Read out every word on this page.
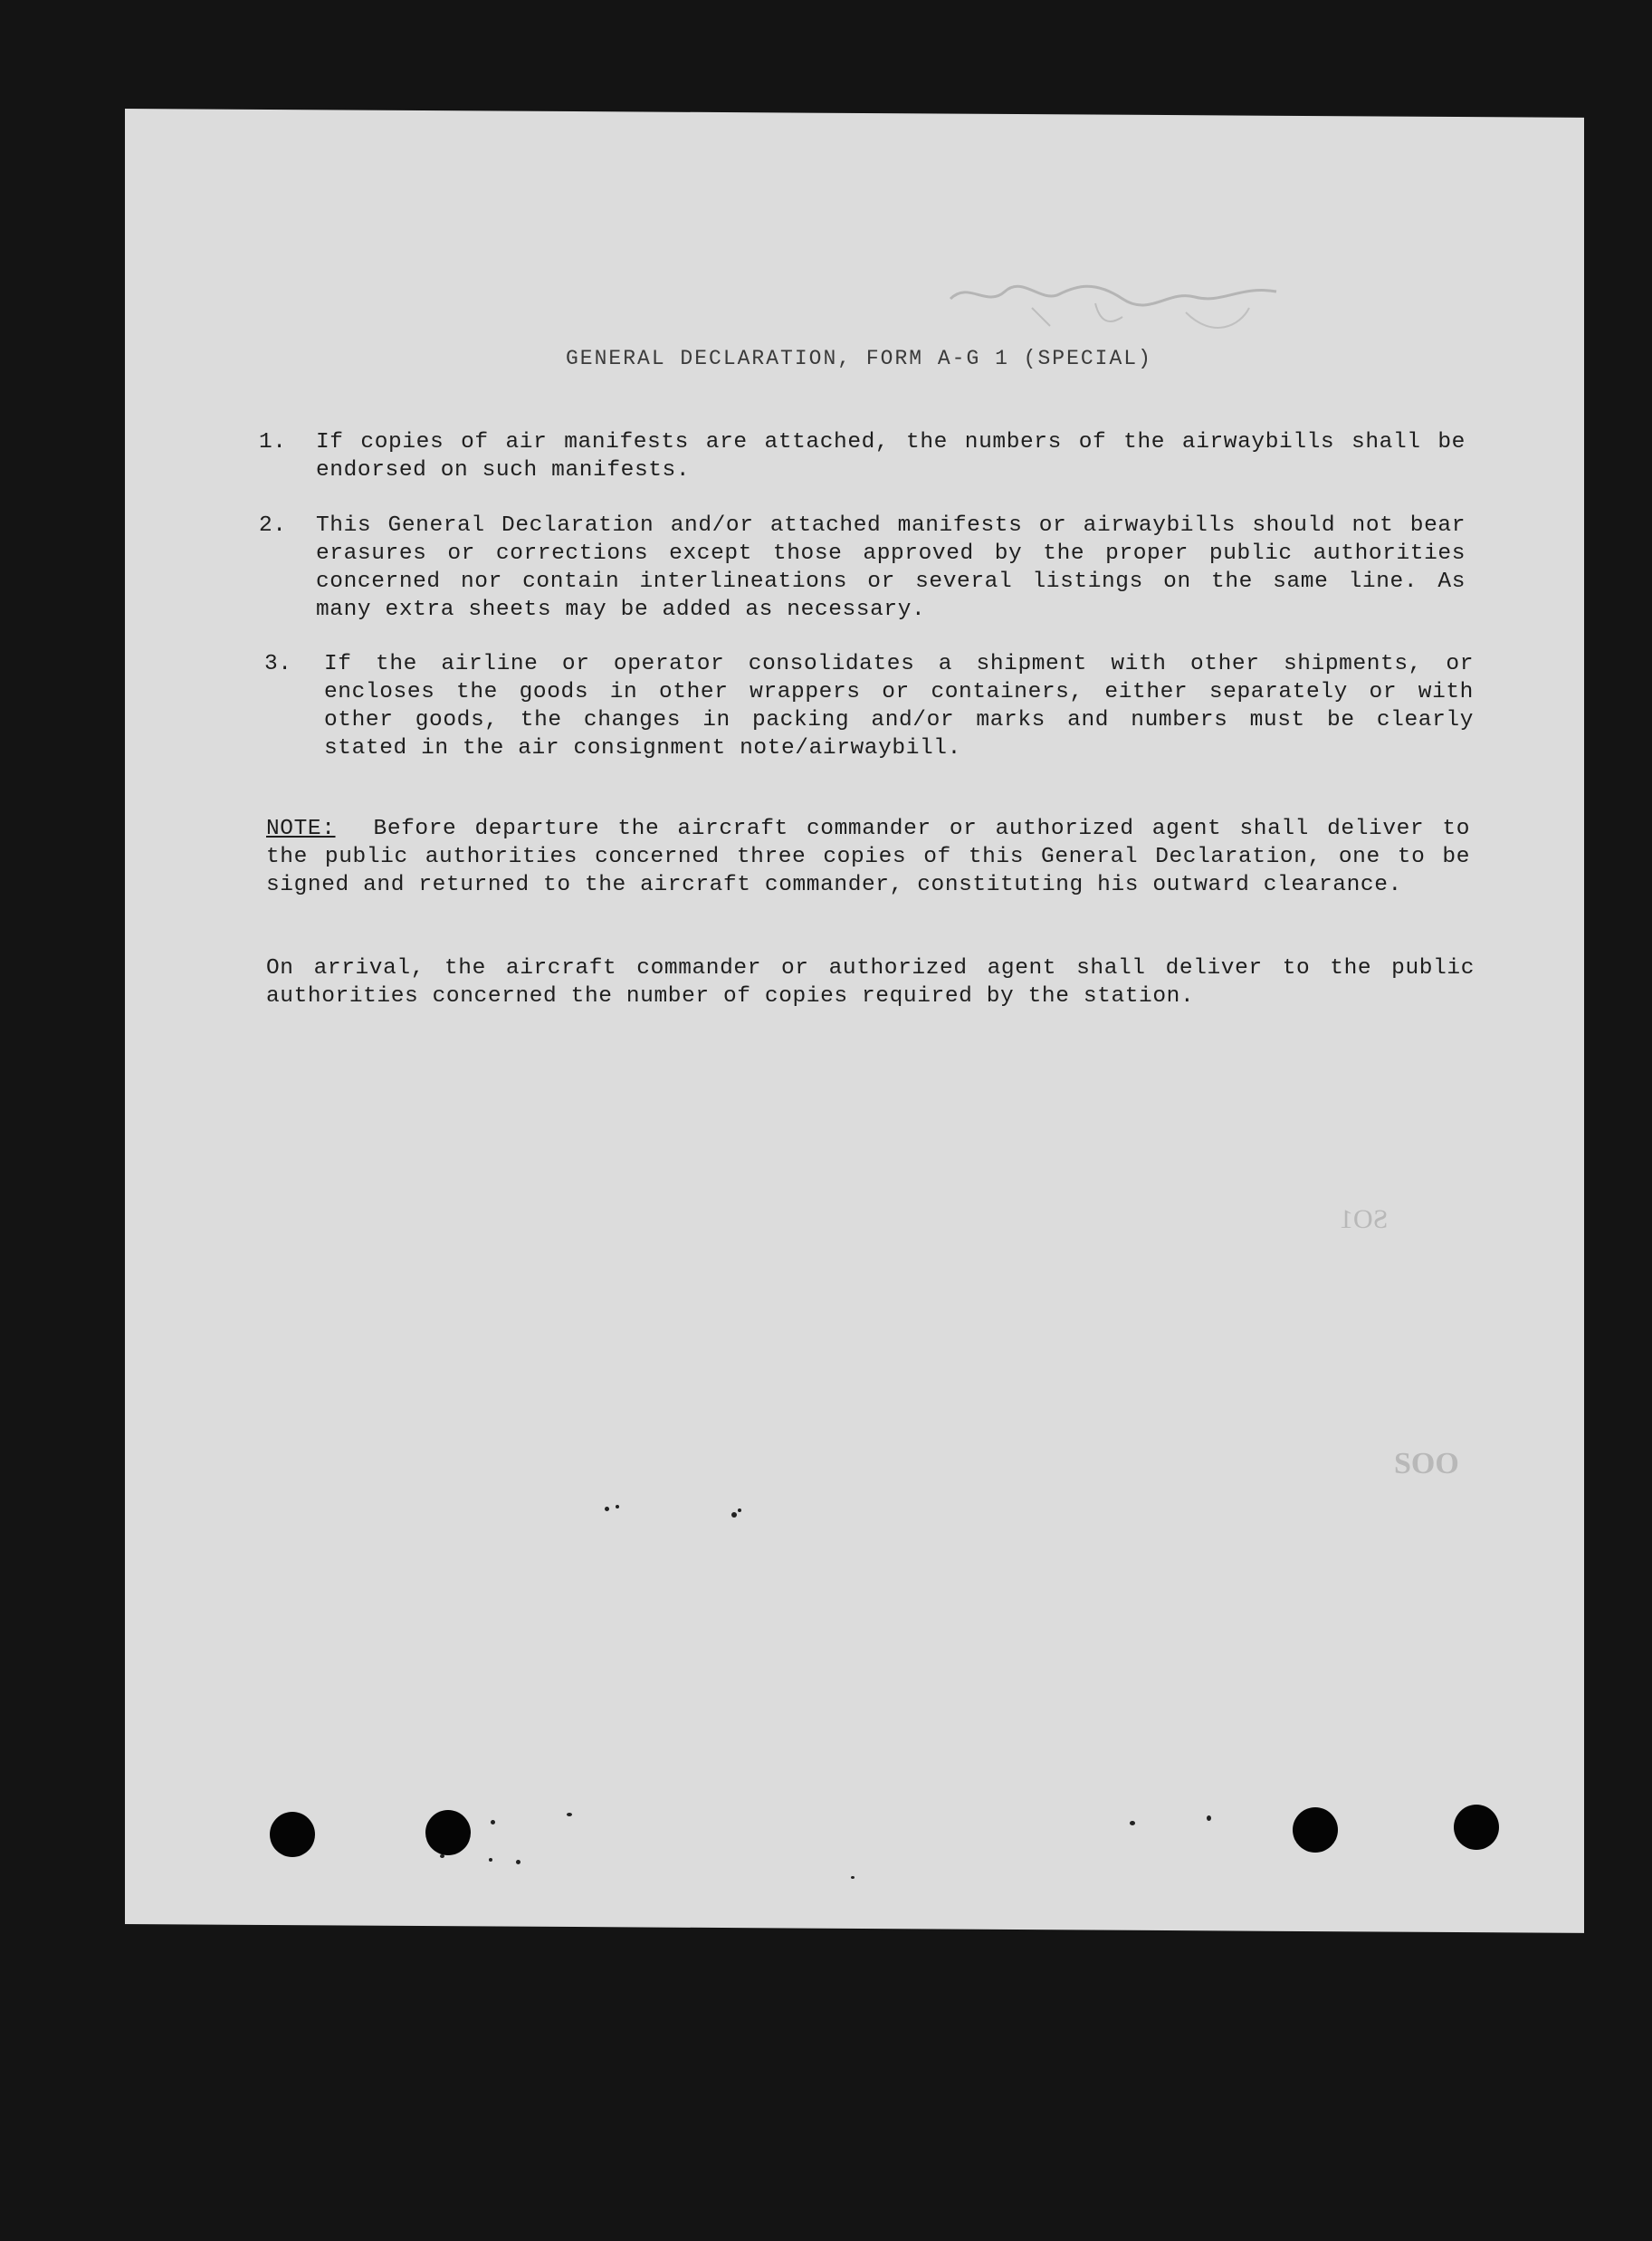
GENERAL DECLARATION, FORM A-G 1 (SPECIAL)
1. If copies of air manifests are attached, the numbers of the airwaybills shall be endorsed on such manifests.
2. This General Declaration and/or attached manifests or airwaybills should not bear erasures or corrections except those approved by the proper public authorities concerned nor contain interlineations or several listings on the same line. As many extra sheets may be added as necessary.
3. If the airline or operator consolidates a shipment with other shipments, or encloses the goods in other wrappers or containers, either separately or with other goods, the changes in packing and/or marks and numbers must be clearly stated in the air consignment note/airwaybill.
NOTE: Before departure the aircraft commander or authorized agent shall deliver to the public authorities concerned three copies of this General Declaration, one to be signed and returned to the aircraft commander, constituting his outward clearance.
On arrival, the aircraft commander or authorized agent shall deliver to the public authorities concerned the number of copies required by the station.
SO1
SOO
